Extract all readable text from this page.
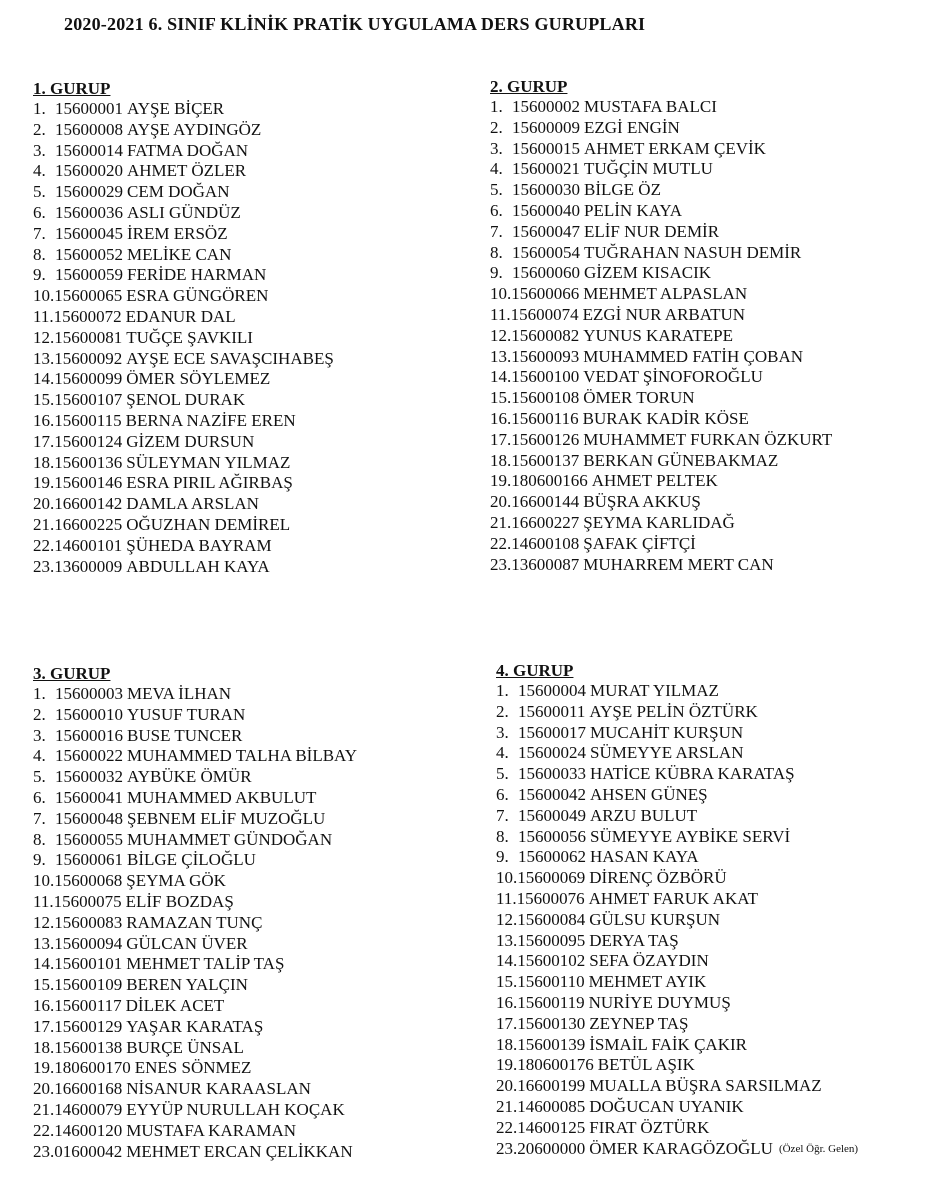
2020-2021 6. SINIF KLİNİK PRATİK UYGULAMA DERS GURUPLARI
1. GURUP
1. 15600001 AYŞE BİÇER
2. 15600008 AYŞE AYDINGÖZ
3. 15600014 FATMA DOĞAN
4. 15600020 AHMET ÖZLER
5. 15600029 CEM DOĞAN
6. 15600036 ASLI GÜNDÜZ
7. 15600045 İREM ERSÖZ
8. 15600052 MELİKE CAN
9. 15600059 FERİDE HARMAN
10. 15600065 ESRA GÜNGÖREN
11. 15600072 EDANUR DAL
12. 15600081 TUĞÇE ŞAVKILI
13. 15600092 AYŞE ECE SAVAŞCIHABEŞ
14. 15600099 ÖMER SÖYLEMEZ
15. 15600107 ŞENOL DURAK
16. 15600115 BERNA NAZİFE EREN
17. 15600124 GİZEM DURSUN
18. 15600136 SÜLEYMAN YILMAZ
19. 15600146 ESRA PIRIL AĞIRBAŞ
20. 16600142 DAMLA ARSLAN
21. 16600225 OĞUZHAN DEMİREL
22. 14600101 ŞÜHEDA BAYRAM
23. 13600009 ABDULLAH KAYA
2. GURUP
1. 15600002 MUSTAFA BALCI
2. 15600009 EZGİ ENGİN
3. 15600015 AHMET ERKAM ÇEVİK
4. 15600021 TUĞÇİN MUTLU
5. 15600030 BİLGE ÖZ
6. 15600040 PELİN KAYA
7. 15600047 ELİF NUR DEMİR
8. 15600054 TUĞRAHAN NASUH DEMİR
9. 15600060 GİZEM KISACIK
10. 15600066 MEHMET ALPASLAN
11. 15600074 EZGİ NUR ARBATUN
12. 15600082 YUNUS KARATEPE
13. 15600093 MUHAMMED FATİH ÇOBAN
14. 15600100 VEDAT ŞİNOFOROĞLU
15. 15600108 ÖMER TORUN
16. 15600116 BURAK KADİR KÖSE
17. 15600126 MUHAMMET FURKAN ÖZKURT
18. 15600137 BERKAN GÜNEBAKMAZ
19. 180600166 AHMET PELTEK
20. 16600144 BÜŞRA AKKUŞ
21. 16600227 ŞEYMA KARLIDAĞ
22. 14600108 ŞAFAK ÇİFTÇİ
23. 13600087 MUHARREM MERT CAN
3. GURUP
1. 15600003 MEVA İLHAN
2. 15600010 YUSUF TURAN
3. 15600016 BUSE TUNCER
4. 15600022 MUHAMMED TALHA BİLBAY
5. 15600032 AYBÜKE ÖMÜR
6. 15600041 MUHAMMED AKBULUT
7. 15600048 ŞEBNEM ELİF MUZOĞLU
8. 15600055 MUHAMMET GÜNDOĞAN
9. 15600061 BİLGE ÇİLOĞLU
10. 15600068 ŞEYMA GÖK
11. 15600075 ELİF BOZDAŞ
12. 15600083 RAMAZAN TUNÇ
13. 15600094 GÜLCAN ÜVER
14. 15600101 MEHMET TALİP TAŞ
15. 15600109 BEREN YALÇIN
16. 15600117 DİLEK ACET
17. 15600129 YAŞAR KARATAŞ
18. 15600138 BURÇE ÜNSAL
19. 180600170 ENES SÖNMEZ
20. 16600168 NİSANUR KARAASLAN
21. 14600079 EYYÜP NURULLAH KOÇAK
22. 14600120 MUSTAFA KARAMAN
23. 01600042 MEHMET ERCAN ÇELİKKAN
4. GURUP
1. 15600004 MURAT YILMAZ
2. 15600011 AYŞE PELİN ÖZTÜRK
3. 15600017 MUCAHİT KURŞUN
4. 15600024 SÜMEYYE ARSLAN
5. 15600033 HATİCE KÜBRA KARATAŞ
6. 15600042 AHSEN GÜNEŞ
7. 15600049 ARZU BULUT
8. 15600056 SÜMEYYE AYBİKE SERVİ
9. 15600062 HASAN KAYA
10. 15600069 DİRENÇ ÖZBÖRÜ
11. 15600076 AHMET FARUK AKAT
12. 15600084 GÜLSU KURŞUN
13. 15600095 DERYA TAŞ
14. 15600102 SEFA ÖZAYDIN
15. 15600110 MEHMET AYIK
16. 15600119 NURİYE DUYMUŞ
17. 15600130 ZEYNEP TAŞ
18. 15600139 İSMAİL FAİK ÇAKIR
19. 180600176 BETÜL AŞIK
20. 16600199 MUALLA BÜŞRA SARSILMAZ
21. 14600085 DOĞUCAN UYANIK
22. 14600125 FIRAT ÖZTÜRK
23. 20600000 ÖMER KARAGÖZOĞLU (Özel Öğr. Gelen)
